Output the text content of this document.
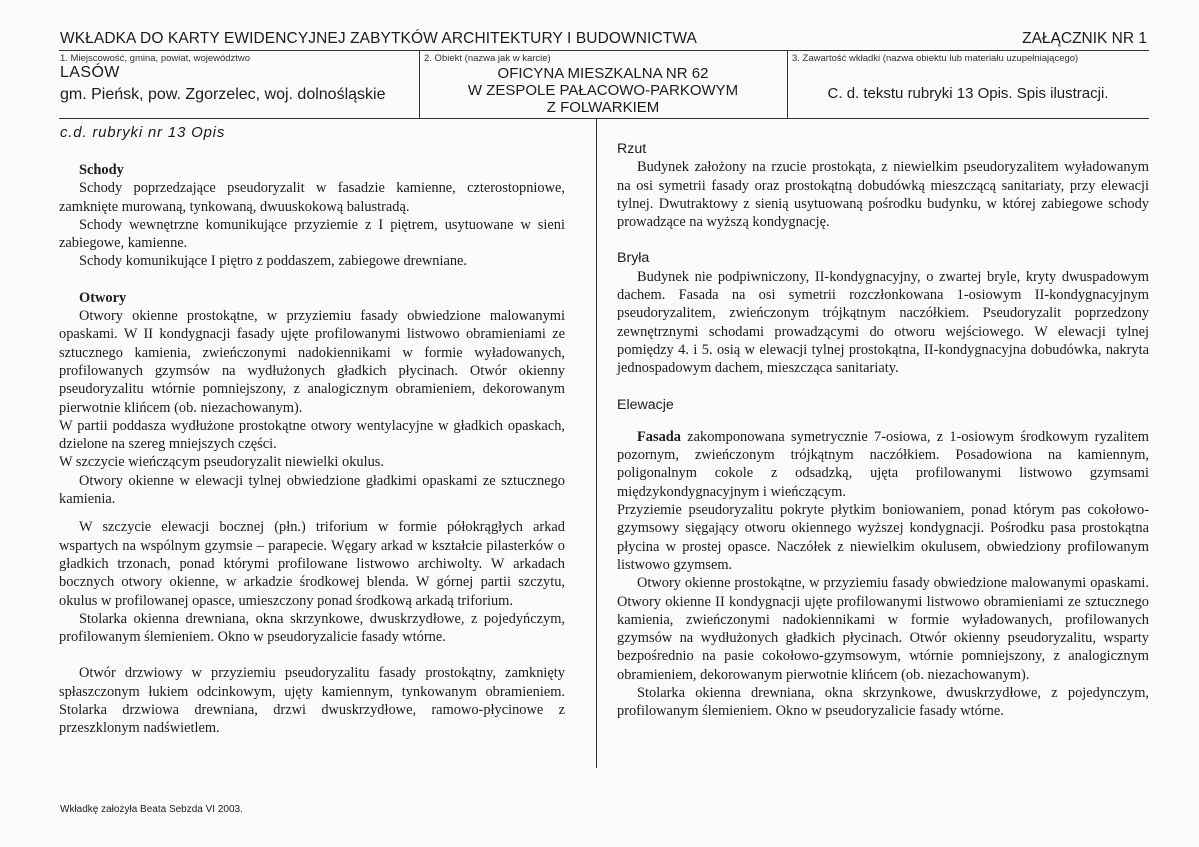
WKŁADKA DO KARTY EWIDENCYJNEJ ZABYTKÓW ARCHITEKTURY I BUDOWNICTWA	ZAŁĄCZNIK NR 1
1. Miejscowość, gmina, powiat, województwo
LASÓW
gm. Pieńsk, pow. Zgorzelec, woj. dolnośląskie
2. Obiekt (nazwa jak w karcie)
OFICYNA MIESZKALNA NR 62
W ZESPOLE PAŁACOWO-PARKOWYM
Z FOLWARKIEM
3. Zawartość wkładki (nazwa obiektu lub materiału uzupełniającego)
C. d. tekstu rubryki 13 Opis. Spis ilustracji.
c.d. rubryki nr 13 Opis

Schody

Schody poprzedzające pseudoryzalit w fasadzie kamienne, czterostopniowe, zamknięte murowaną, tynkowaną, dwuuskokową balustradą.

Schody wewnętrzne komunikujące przyziemie z I piętrem, usytuowane w sieni zabiegowe, kamienne.

Schody komunikujące I piętro z poddaszem, zabiegowe drewniane.

Otwory

Otwory okienne prostokątne, w przyziemiu fasady obwiedzione malowanymi opaskami. W II kondygnacji fasady ujęte profilowanymi listwowo obramieniami ze sztucznego kamienia, zwieńczonymi nadokiennikami w formie wyładowanych, profilowanych gzymsów na wydłużonych gładkich płycinach. Otwór okienny pseudoryzalitu wtórnie pomniejszony, z analogicznym obramieniem, dekorowanym pierwotnie klińcem (ob. niezachowanym).

W partii poddasza wydłużone prostokątne otwory wentylacyjne w gładkich opaskach, dzielone na szereg mniejszych części.

W szczycie wieńczącym pseudoryzalit niewielki okulus.

Otwory okienne w elewacji tylnej obwiedzione gładkimi opaskami ze sztucznego kamienia.

W szczycie elewacji bocznej (płn.) triforium w formie półokrągłych arkad wspartych na wspólnym gzymsie – parapecie. Węgary arkad w kształcie pilasterków o gładkich trzonach, ponad którymi profilowane listwowo archiwolty. W arkadach bocznych otwory okienne, w arkadzie środkowej blenda. W górnej partii szczytu, okulus w profilowanej opasce, umieszczony ponad środkową arkadą triforium.

Stolarka okienna drewniana, okna skrzynkowe, dwuskrzydłowe, z pojedyńczym, profilowanym ślemieniem. Okno w pseudoryzalicie fasady wtórne.

Otwór drzwiowy w przyziemiu pseudoryzalitu fasady prostokątny, zamknięty spłaszczonym łukiem odcinkowym, ujęty kamiennym, tynkowanym obramieniem. Stolarka drzwiowa drewniana, drzwi dwuskrzydłowe, ramowo-płycinowe z przeszklonym nadświetlem.

Rzut

Budynek założony na rzucie prostokąta, z niewielkim pseudoryzalitem wyładowanym na osi symetrii fasady oraz prostokątną dobudówką mieszczącą sanitariaty, przy elewacji tylnej. Dwutraktowy z sienią usytuowaną pośrodku budynku, w której zabiegowe schody prowadzące na wyższą kondygnację.

Bryła

Budynek nie podpiwniczony, II-kondygnacyjny, o zwartej bryle, kryty dwuspadowym dachem. Fasada na osi symetrii rozczłonkowana 1-osiowym II-kondygnacyjnym pseudoryzalitem, zwieńczonym trójkątnym naczółkiem. Pseudoryzalit poprzedzony zewnętrznymi schodami prowadzącymi do otworu wejściowego. W elewacji tylnej pomiędzy 4. i 5. osią w elewacji tylnej prostokątna, II-kondygnacyjna dobudówka, nakryta jednospadowym dachem, mieszcząca sanitariaty.

Elewacje

Fasada zakomponowana symetrycznie 7-osiowa, z 1-osiowym środkowym ryzalitem pozornym, zwieńczonym trójkątnym naczółkiem. Posadowiona na kamiennym, poligonalnym cokole z odsadzką, ujęta profilowanymi listwowo gzymsami międzykondygnacyjnym i wieńczącym.

Przyziemie pseudoryzalitu pokryte płytkim boniowaniem, ponad którym pas cokołowo-gzymsowy sięgający otworu okiennego wyższej kondygnacji. Pośrodku pasa prostokątna płycina w prostej opasce. Naczółek z niewielkim okulusem, obwiedziony profilowanym listwowo gzymsem.

Otwory okienne prostokątne, w przyziemiu fasady obwiedzione malowanymi opaskami. Otwory okienne II kondygnacji ujęte profilowanymi listwowo obramieniami ze sztucznego kamienia, zwieńczonymi nadokiennikami w formie wyładowanych, profilowanych gzymsów na wydłużonych gładkich płycinach. Otwór okienny pseudoryzalitu, wsparty bezpośrednio na pasie cokołowo-gzymsowym, wtórnie pomniejszony, z analogicznym obramieniem, dekorowanym pierwotnie klińcem (ob. niezachowanym).

Stolarka okienna drewniana, okna skrzynkowe, dwuskrzydłowe, z pojedynczym, profilowanym ślemieniem. Okno w pseudoryzalicie fasady wtórne.

Wkładkę założyła Beata Sebzda VI 2003.
